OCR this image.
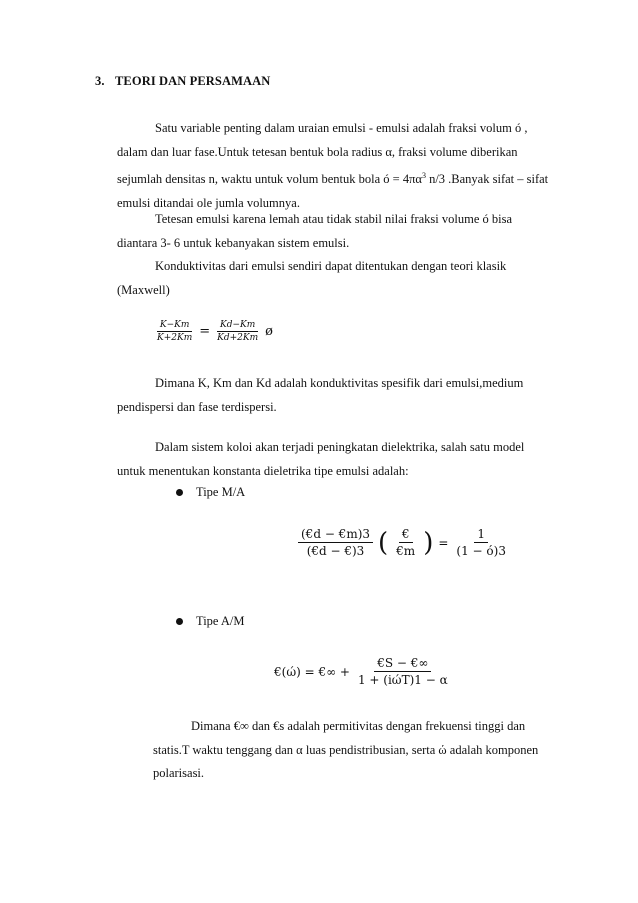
3. TEORI DAN PERSAMAAN
Satu variable penting dalam uraian emulsi - emulsi adalah fraksi volum ó ,
dalam dan luar fase.Untuk tetesan bentuk bola radius α, fraksi volume diberikan
sejumlah densitas n, waktu untuk volum bentuk bola ó = $4\pi\alpha^3$ n/3 .Banyak sifat – sifat
emulsi ditandai ole jumla volumnya.
Tetesan emulsi karena lemah atau tidak stabil nilai fraksi volume ó bisa
diantara 3- 6 untuk kebanyakan sistem emulsi.
Konduktivitas dari emulsi sendiri dapat ditentukan dengan teori klasik
(Maxwell)
$\frac{K-Km}{K+2Km} = \frac{Kd-Km}{Kd+2Km}$ ø
Dimana K, Km dan Kd adalah konduktivitas spesifik dari emulsi,medium
pendispersi dan fase terdispersi.
Dalam sistem koloi akan terjadi peningkatan dielektrika, salah satu model
untuk menentukan konstanta dieletrika tipe emulsi adalah:
Tipe M/A
$\frac{(€d - €m)3}{(€d - €)3}$ ( $\frac{€}{€m}$ ) = $\frac{1}{(1 - ó)3}$
Tipe A/M
€(ώ) = €∞ + $\frac{€S - €\infty}{\text{1 + (iώT)1 − α}}$
Dimana €∞ dan €s adalah permitivitas dengan frekuensi tinggi dan
statis.T waktu tenggang dan α luas pendistribusian, serta ώ adalah komponen
polarisasi.
